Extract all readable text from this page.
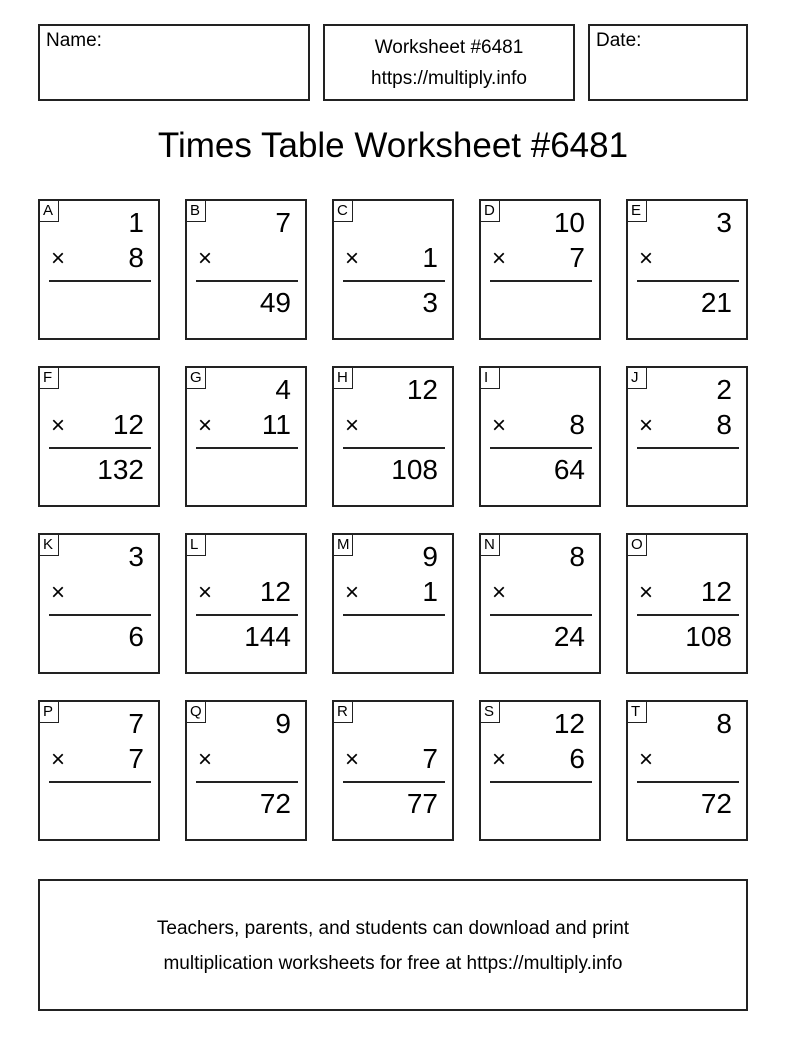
Name:	Worksheet #6481
https://multiply.info
Date:
Times Table Worksheet #6481
A	1
× 8
B	7
×
49
C
× 1
3
D 10
× 7
E	3
×
21
F
× 12
132
G	4
× 11
H 12
×
108
I
× 8
64
J	2
× 8
K	3
×
6
L
× 12
144
M	9
× 1
N	8
×
24
O
× 12
108
P	7
× 7
Q	9
×
72
R
× 7
77
S 12
× 6
T	8
×
72
Teachers, parents, and students can download and print
multiplication worksheets for free at https://multiply.info
